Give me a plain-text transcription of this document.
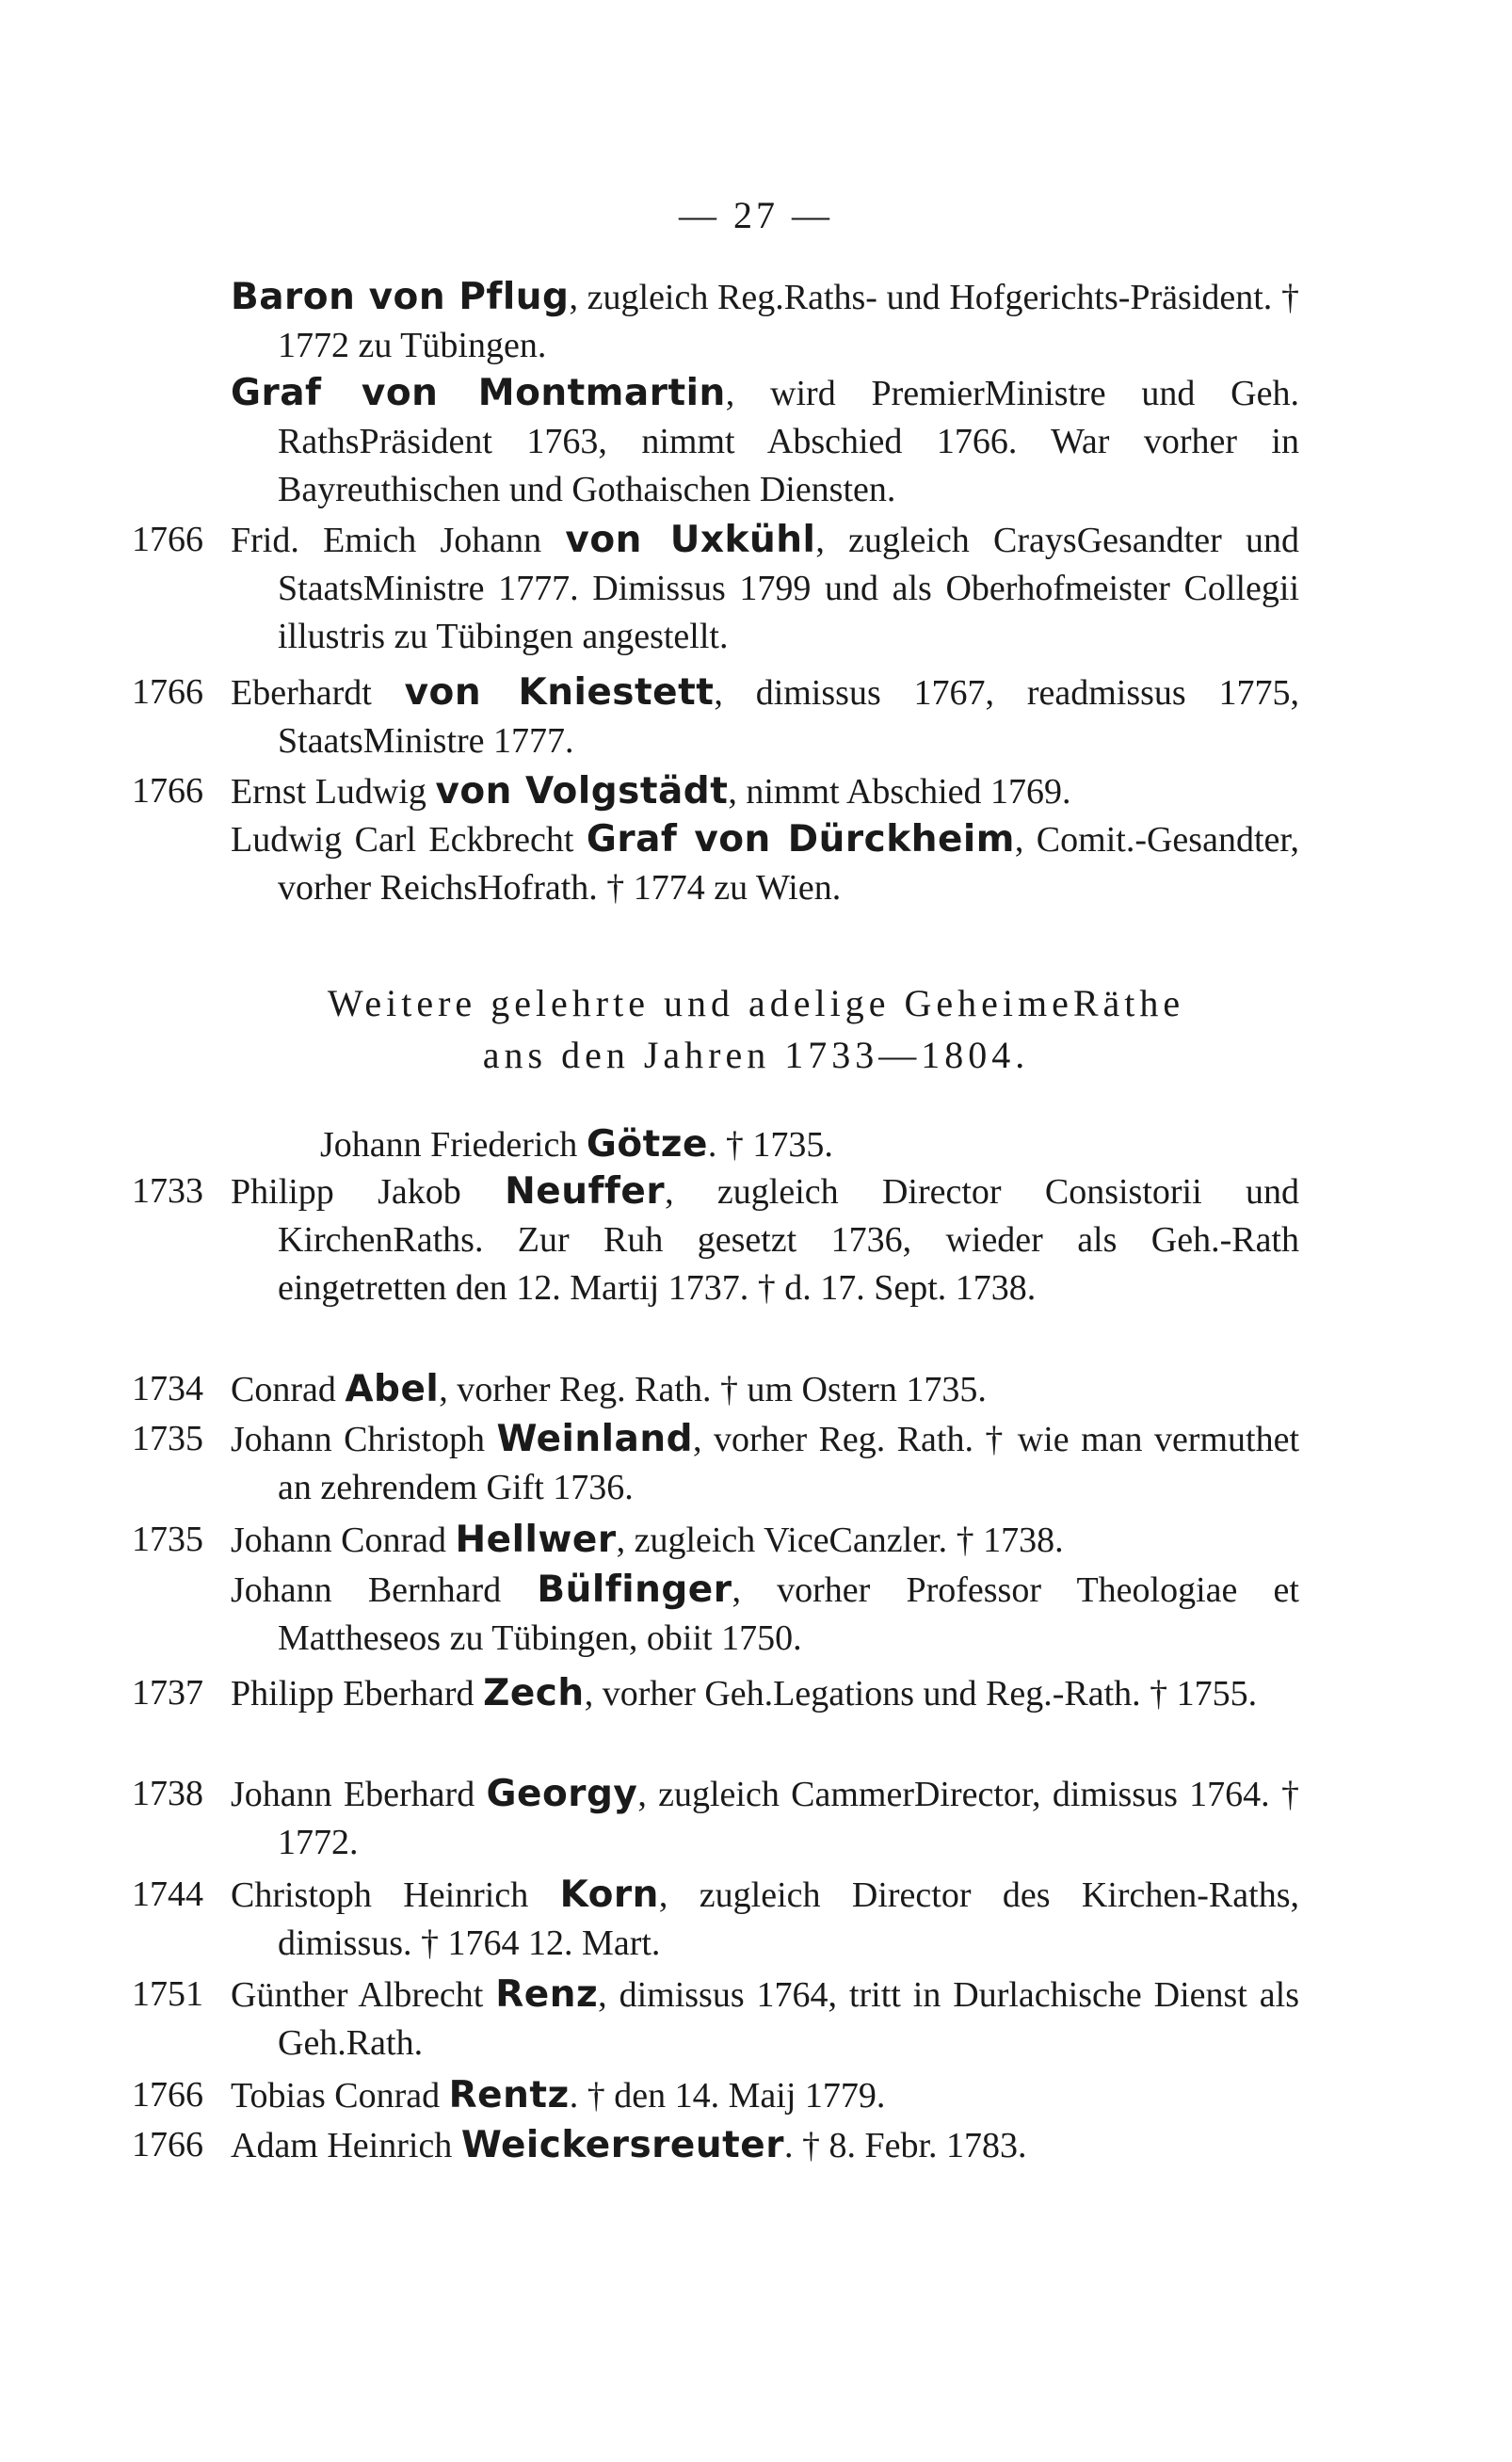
— 27 —
Baron von Pflug, zugleich Reg.Raths- und Hofgerichts-Präsident. † 1772 zu Tübingen.
Graf von Montmartin, wird PremierMinistre und Geh. RathsPräsident 1763, nimmt Abschied 1766. War vorher in Bayreuthischen und Gothaischen Diensten.
1766 Frid. Emich Johann von Uxkühl, zugleich CraysGesandter und StaatsMinistre 1777. Dimissus 1799 und als Oberhofmeister Collegii illustris zu Tübingen angestellt.
1766 Eberhardt von Kniestett, dimissus 1767, readmissus 1775, StaatsMinistre 1777.
1766 Ernst Ludwig von Volgstädt, nimmt Abschied 1769.
Ludwig Carl Eckbrecht Graf von Dürckheim, Comit.-Gesandter, vorher ReichsHofrath. † 1774 zu Wien.
Weitere gelehrte und adelige GeheimeRäthe
ans den Jahren 1733—1804.
Johann Friederich Götze. † 1735.
1733 Philipp Jakob Neuffer, zugleich Director Consistorii und KirchenRaths. Zur Ruh gesetzt 1736, wieder als Geh.-Rath eingetretten den 12. Martij 1737. † d. 17. Sept. 1738.
1734 Conrad Abel, vorher Reg. Rath. † um Ostern 1735.
1735 Johann Christoph Weinland, vorher Reg. Rath. † wie man vermuthet an zehrendem Gift 1736.
1735 Johann Conrad Hellwer, zugleich ViceCanzler. † 1738.
Johann Bernhard Bülfinger, vorher Professor Theologiae et Mattheseos zu Tübingen, obiit 1750.
1737 Philipp Eberhard Zech, vorher Geh.Legations und Reg.-Rath. † 1755.
1738 Johann Eberhard Georgy, zugleich CammerDirector, dimissus 1764. † 1772.
1744 Christoph Heinrich Korn, zugleich Director des Kirchen-Raths, dimissus. † 1764 12. Mart.
1751 Günther Albrecht Renz, dimissus 1764, tritt in Durlachische Dienst als Geh.Rath.
1766 Tobias Conrad Rentz. † den 14. Maij 1779.
1766 Adam Heinrich Weickersreuter. † 8. Febr. 1783.
